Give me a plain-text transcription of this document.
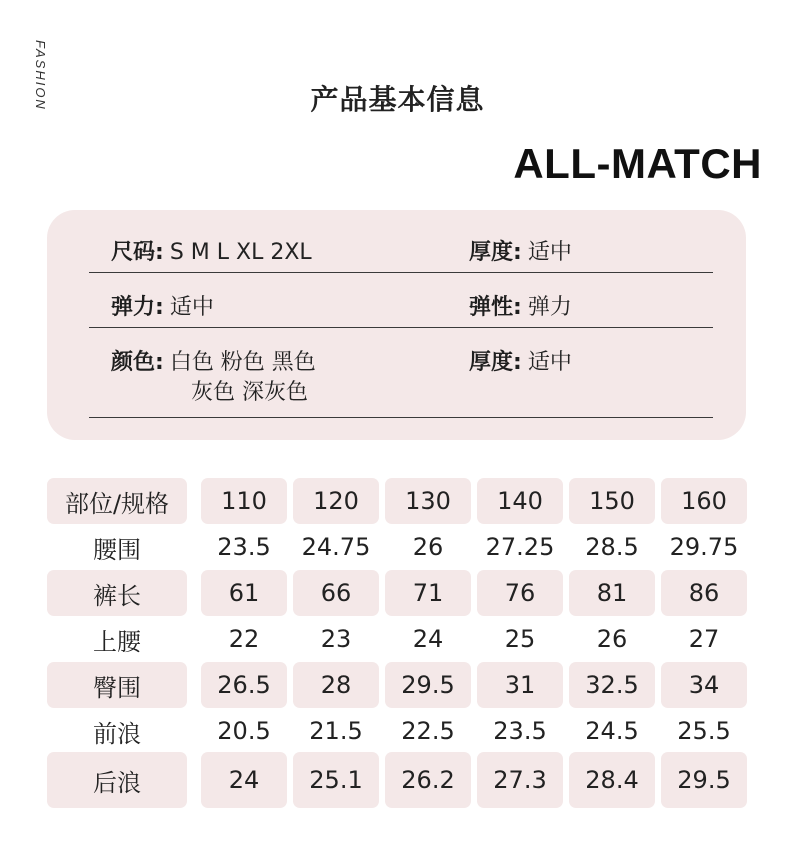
FASHION	产品基本信息
ALL-MATCH
尺码: S M L XL 2XL	厚度: 适中
弹力: 适中	弹性: 弹力
颜色: 白色 粉色 黑色
灰色 深灰色
厚度: 适中
部位/规格	110	120	130	140	150	160
腰围	23.5	24.75	26	27.25	28.5	29.75
裤长	61	66	71	76	81	86
上腰	22	23	24	25	26	27
臀围	26.5	28	29.5	31	32.5	34
前浪	20.5	21.5	22.5	23.5	24.5	25.5
后浪	24	25.1	26.2	27.3	28.4	29.5
